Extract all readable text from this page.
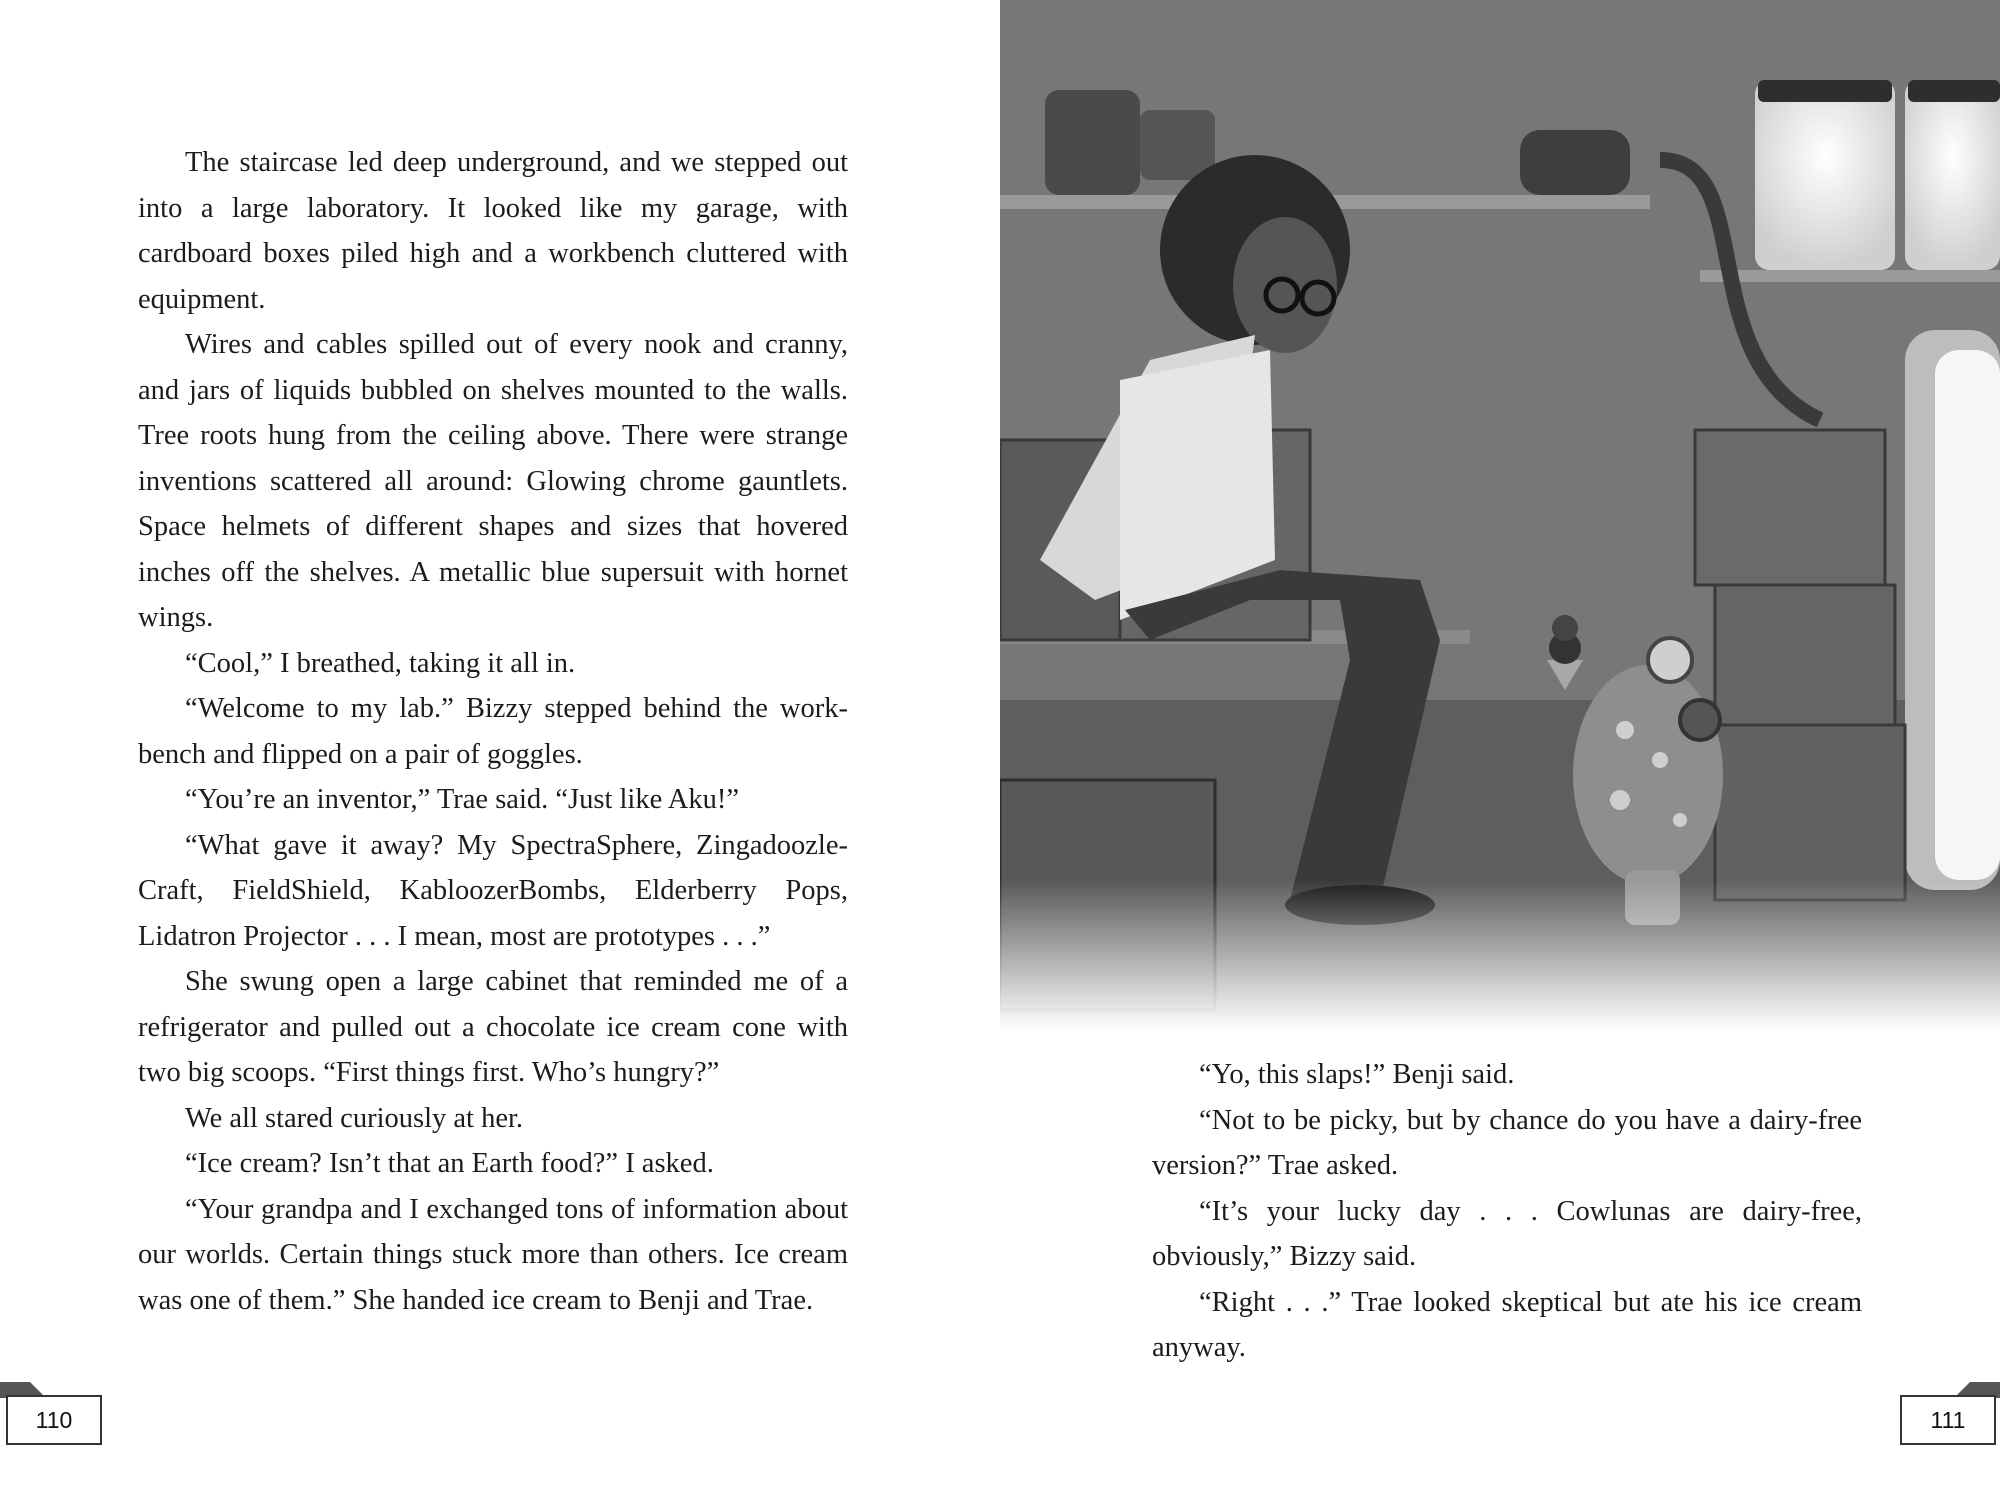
The staircase led deep underground, and we stepped out into a large laboratory. It looked like my garage, with cardboard boxes piled high and a workbench cluttered with equipment.

Wires and cables spilled out of every nook and cranny, and jars of liquids bubbled on shelves mounted to the walls. Tree roots hung from the ceiling above. There were strange inventions scattered all around: Glowing chrome gauntlets. Space helmets of different shapes and sizes that hovered inches off the shelves. A metallic blue supersuit with hornet wings.

“Cool,” I breathed, taking it all in.

“Welcome to my lab.” Bizzy stepped behind the work-bench and flipped on a pair of goggles.

“You’re an inventor,” Trae said. “Just like Aku!”

“What gave it away? My SpectraSphere, Zingadoozle-Craft, FieldShield, KabloozerBombs, Elderberry Pops, Lidatron Projector . . . I mean, most are prototypes . . .”

She swung open a large cabinet that reminded me of a refrigerator and pulled out a chocolate ice cream cone with two big scoops. “First things first. Who’s hungry?”

We all stared curiously at her.

“Ice cream? Isn’t that an Earth food?” I asked.

“Your grandpa and I exchanged tons of information about our worlds. Certain things stuck more than others. Ice cream was one of them.” She handed ice cream to Benji and Trae.

110

“Yo, this slaps!” Benji said.

“Not to be picky, but by chance do you have a dairy-free version?” Trae asked.

“It’s your lucky day . . . Cowlunas are dairy-free, obviously,” Bizzy said.

“Right . . .” Trae looked skeptical but ate his ice cream anyway.

111
